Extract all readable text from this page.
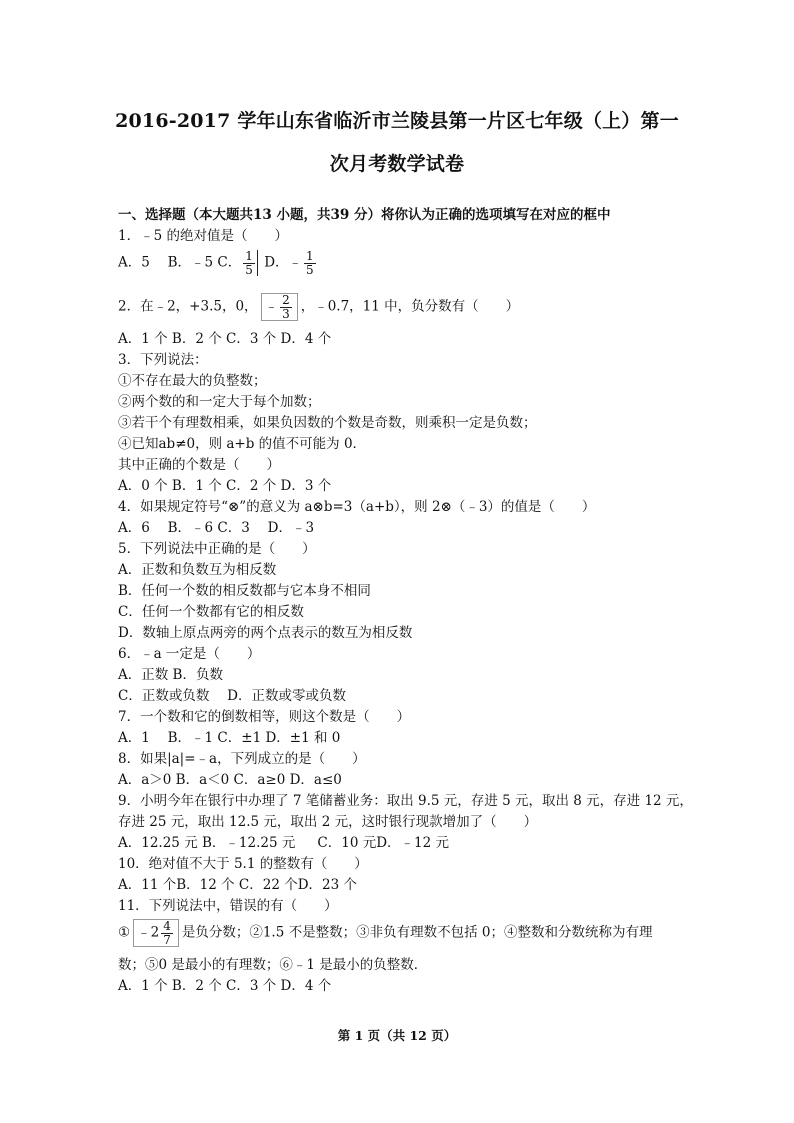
2016-2017 学年山东省临沂市兰陵县第一片区七年级（上）第一
次月考数学试卷
一、选择题（本大题共13 小题，共39 分）将你认为正确的选项填写在对应的框中
1．﹣5 的绝对值是（　　）
A．5　 B．﹣5 C． $\frac{1}{5}$ D．﹣ $\frac{1}{5}$
2．在﹣2，+3.5，0， ﹣ $\frac{2}{3}$ ，﹣0.7，11 中，负分数有（　　）
A．1 个 B．2 个 C．3 个 D．4 个
3．下列说法：
①不存在最大的负整数；
②两个数的和一定大于每个加数；
③若干个有理数相乘，如果负因数的个数是奇数，则乘积一定是负数；
④已知ab≠0，则 a+b 的值不可能为 0．
其中正确的个数是（　　）
A．0 个 B．1 个 C．2 个 D．3 个
4．如果规定符号“⊗”的意义为 a⊗b=3（a+b），则 2⊗（﹣3）的值是（　　）
A．6　 B．﹣6 C．3　 D．﹣3
5．下列说法中正确的是（　　）
A．正数和负数互为相反数
B．任何一个数的相反数都与它本身不相同
C．任何一个数都有它的相反数
D．数轴上原点两旁的两个点表示的数互为相反数
6．﹣a 一定是（　　）
A．正数 B．负数
C．正数或负数　 D．正数或零或负数
7．一个数和它的倒数相等，则这个数是（　　）
A．1　 B．﹣1 C．±1 D．±1 和 0
8．如果|a|=﹣a，下列成立的是（　　）
A．a＞0 B．a＜0 C．a≥0 D．a≤0
9．小明今年在银行中办理了 7 笔储蓄业务：取出 9.5 元，存进 5 元，取出 8 元，存进 12 元，
存进 25 元，取出 12.5 元，取出 2 元，这时银行现款增加了（　　）
A．12.25 元 B．﹣12.25 元 　 C．10 元D．﹣12 元
10．绝对值不大于 5.1 的整数有（　　）
A．11 个B．12 个 C．22 个D．23 个
11．下列说法中，错误的有（　　）
① ﹣2 $\frac{4}{7}$ 是负分数；②1.5 不是整数；③非负有理数不包括 0；④整数和分数统称为有理
数；⑤0 是最小的有理数；⑥﹣1 是最小的负整数．
A．1 个 B．2 个 C．3 个 D．4 个
第 1 页（共 12 页）
